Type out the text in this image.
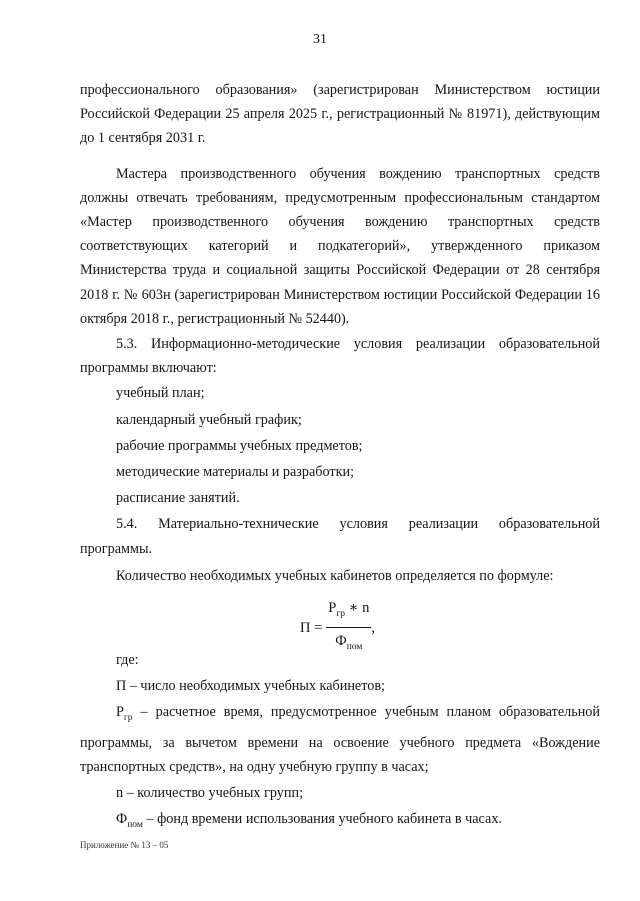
31

профессионального образования» (зарегистрирован Министерством юстиции Российской Федерации 25 апреля 2025 г., регистрационный № 81971), действующим до 1 сентября 2031 г.

Мастера производственного обучения вождению транспортных средств должны отвечать требованиям, предусмотренным профессиональным стандартом «Мастер производственного обучения вождению транспортных средств соответствующих категорий и подкатегорий», утвержденного приказом Министерства труда и социальной защиты Российской Федерации от 28 сентября 2018 г. № 603н (зарегистрирован Министерством юстиции Российской Федерации 16 октября 2018 г., регистрационный № 52440).

5.3. Информационно-методические условия реализации образовательной программы включают:

учебный план;

календарный учебный график;

рабочие программы учебных предметов;

методические материалы и разработки;

расписание занятий.

5.4. Материально-технические условия реализации образовательной программы.

Количество необходимых учебных кабинетов определяется по формуле:

$П = \frac{Р_{гр} ∗ n}{Ф_{пом}}$ ,

где:

П – число необходимых учебных кабинетов;

$Р_{гр}$ – расчетное время, предусмотренное учебным планом образовательной программы, за вычетом времени на освоение учебного предмета «Вождение транспортных средств», на одну учебную группу в часах;

n – количество учебных групп;

$Ф_{пом}$ – фонд времени использования учебного кабинета в часах.

Приложение № 13 – 05
